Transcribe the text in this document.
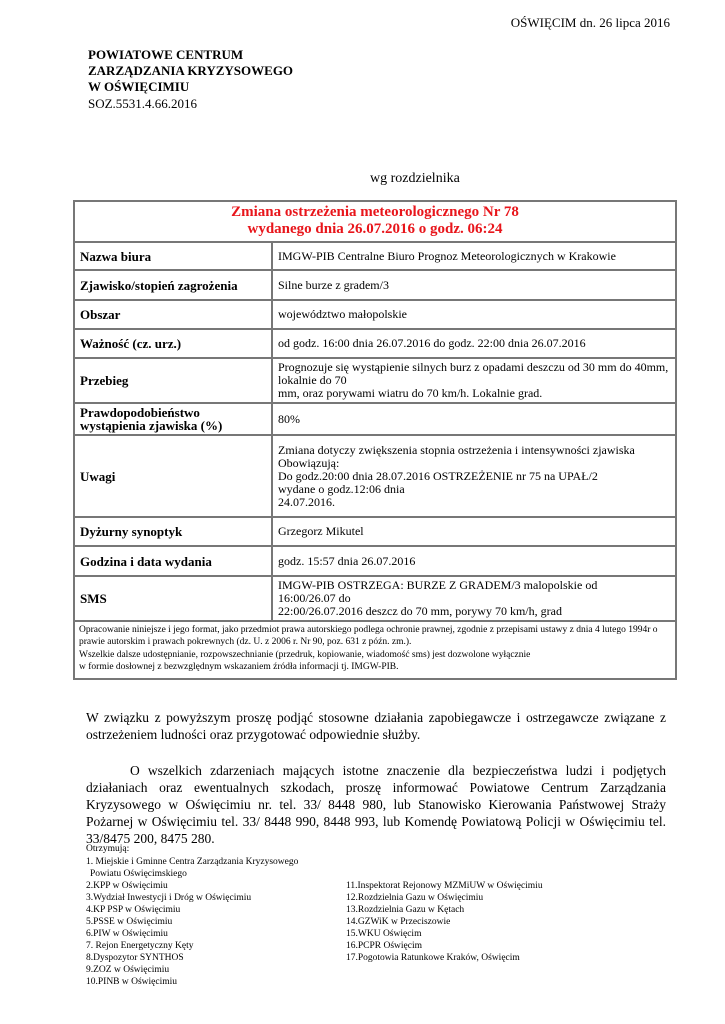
OŚWIĘCIM dn. 26 lipca 2016
POWIATOWE CENTRUM
ZARZĄDZANIA KRYZYSOWEGO
W OŚWIĘCIMIU
SOZ.5531.4.66.2016
wg rozdzielnika
Zmiana ostrzeżenia meteorologicznego Nr 78
wydanego dnia 26.07.2016 o godz. 06:24
Nazwa biura	IMGW-PIB Centralne Biuro Prognoz Meteorologicznych w Krakowie
Zjawisko/stopień zagrożenia	Silne burze z gradem/3
Obszar	województwo małopolskie
Ważność (cz. urz.)	od godz. 16:00 dnia 26.07.2016 do godz. 22:00 dnia 26.07.2016
Przebieg	Prognozuje się wystąpienie silnych burz z opadami deszczu od 30 mm do 40mm, lokalnie do 70
mm, oraz porywami wiatru do 70 km/h. Lokalnie grad.
Prawdopodobieństwo wystąpienia zjawiska (%)	80%
Uwagi	Zmiana dotyczy zwiększenia stopnia ostrzeżenia i intensywności zjawiska
Obowiązują:
Do godz.20:00 dnia 28.07.2016 OSTRZEŻENIE nr 75 na UPAŁ/2
wydane o godz.12:06 dnia
24.07.2016.
Dyżurny synoptyk	Grzegorz Mikutel
Godzina i data wydania	godz. 15:57 dnia 26.07.2016
SMS	IMGW-PIB OSTRZEGA: BURZE Z GRADEM/3 malopolskie od
16:00/26.07 do
22:00/26.07.2016 deszcz do 70 mm, porywy 70 km/h, grad
Opracowanie niniejsze i jego format, jako przedmiot prawa autorskiego podlega ochronie prawnej, zgodnie z przepisami ustawy z dnia 4 lutego 1994r o prawie autorskim i prawach pokrewnych (dz. U. z 2006 r. Nr 90, poz. 631 z późn. zm.).
Wszelkie dalsze udostępnianie, rozpowszechnianie (przedruk, kopiowanie, wiadomość sms) jest dozwolone wyłącznie
w formie dosłownej z bezwzględnym wskazaniem źródła informacji tj. IMGW-PIB.
W związku z powyższym proszę podjąć stosowne działania zapobiegawcze i ostrzegawcze związane z ostrzeżeniem ludności oraz przygotować odpowiednie służby.
O wszelkich zdarzeniach mających istotne znaczenie dla bezpieczeństwa ludzi i podjętych działaniach oraz ewentualnych szkodach, proszę informować Powiatowe Centrum Zarządzania Kryzysowego w Oświęcimiu nr. tel. 33/ 8448 980, lub Stanowisko Kierowania Państwowej Straży Pożarnej w Oświęcimiu tel. 33/ 8448 990, 8448 993, lub Komendę Powiatową Policji w Oświęcimiu tel. 33/8475 200, 8475 280.
Otrzymują:
1. Miejskie i Gminne Centra Zarządzania Kryzysowego
Powiatu Oświęcimskiego
2.KPP w Oświęcimiu
3.Wydział Inwestycji i Dróg w Oświęcimiu
4.KP PSP w Oświęcimiu
5.PSSE w Oświęcimiu
6.PIW w Oświęcimiu
7. Rejon Energetyczny Kęty
8.Dyspozytor SYNTHOS
9.ZOZ w Oświęcimiu
10.PINB w Oświęcimiu
11.Inspektorat Rejonowy MZMiUW w Oświęcimiu
12.Rozdzielnia Gazu w Oświęcimiu
13.Rozdzielnia Gazu w Kętach
14.GZWiK w Przeciszowie
15.WKU Oświęcim
16.PCPR Oświęcim
17.Pogotowia Ratunkowe Kraków, Oświęcim
